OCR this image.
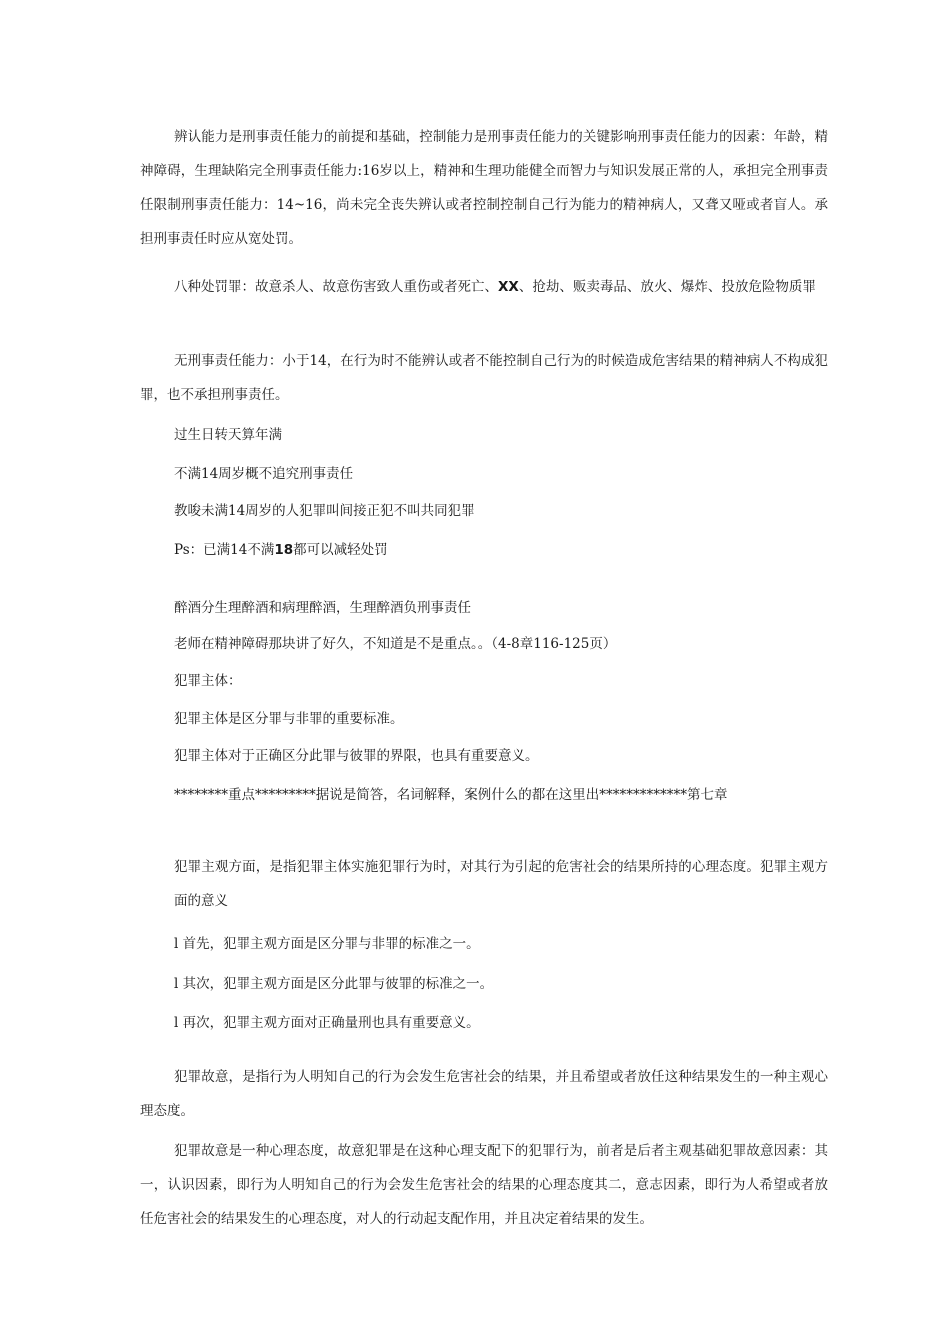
辨认能力是刑事责任能力的前提和基础，控制能力是刑事责任能力的关键影响刑事责任能力的因素：年龄，精神障碍，生理缺陷完全刑事责任能力:16岁以上，精神和生理功能健全而智力与知识发展正常的人，承担完全刑事责任限制刑事责任能力：14~16，尚未完全丧失辨认或者控制控制自己行为能力的精神病人，又聋又哑或者盲人。承担刑事责任时应从宽处罚。

八种处罚罪：故意杀人、故意伤害致人重伤或者死亡、XX、抢劫、贩卖毒品、放火、爆炸、投放危险物质罪

无刑事责任能力：小于14，在行为时不能辨认或者不能控制自己行为的时候造成危害结果的精神病人不构成犯罪，也不承担刑事责任。

过生日转天算年满

不满14周岁概不追究刑事责任

教唆未满14周岁的人犯罪叫间接正犯不叫共同犯罪

Ps：已满14不满18都可以减轻处罚

醉酒分生理醉酒和病理醉酒，生理醉酒负刑事责任

老师在精神障碍那块讲了好久，不知道是不是重点。。（4-8章116-125页）

犯罪主体：

犯罪主体是区分罪与非罪的重要标准。

犯罪主体对于正确区分此罪与彼罪的界限，也具有重要意义。

********重点*********据说是简答，名词解释，案例什么的都在这里出*************第七章

犯罪主观方面，是指犯罪主体实施犯罪行为时，对其行为引起的危害社会的结果所持的心理态度。犯罪主观方面的意义

l 首先，犯罪主观方面是区分罪与非罪的标准之一。

l 其次，犯罪主观方面是区分此罪与彼罪的标准之一。

l 再次，犯罪主观方面对正确量刑也具有重要意义。

犯罪故意，是指行为人明知自己的行为会发生危害社会的结果，并且希望或者放任这种结果发生的一种主观心理态度。

犯罪故意是一种心理态度，故意犯罪是在这种心理支配下的犯罪行为，前者是后者主观基础犯罪故意因素：其一，认识因素，即行为人明知自己的行为会发生危害社会的结果的心理态度其二，意志因素，即行为人希望或者放任危害社会的结果发生的心理态度，对人的行动起支配作用，并且决定着结果的发生。
